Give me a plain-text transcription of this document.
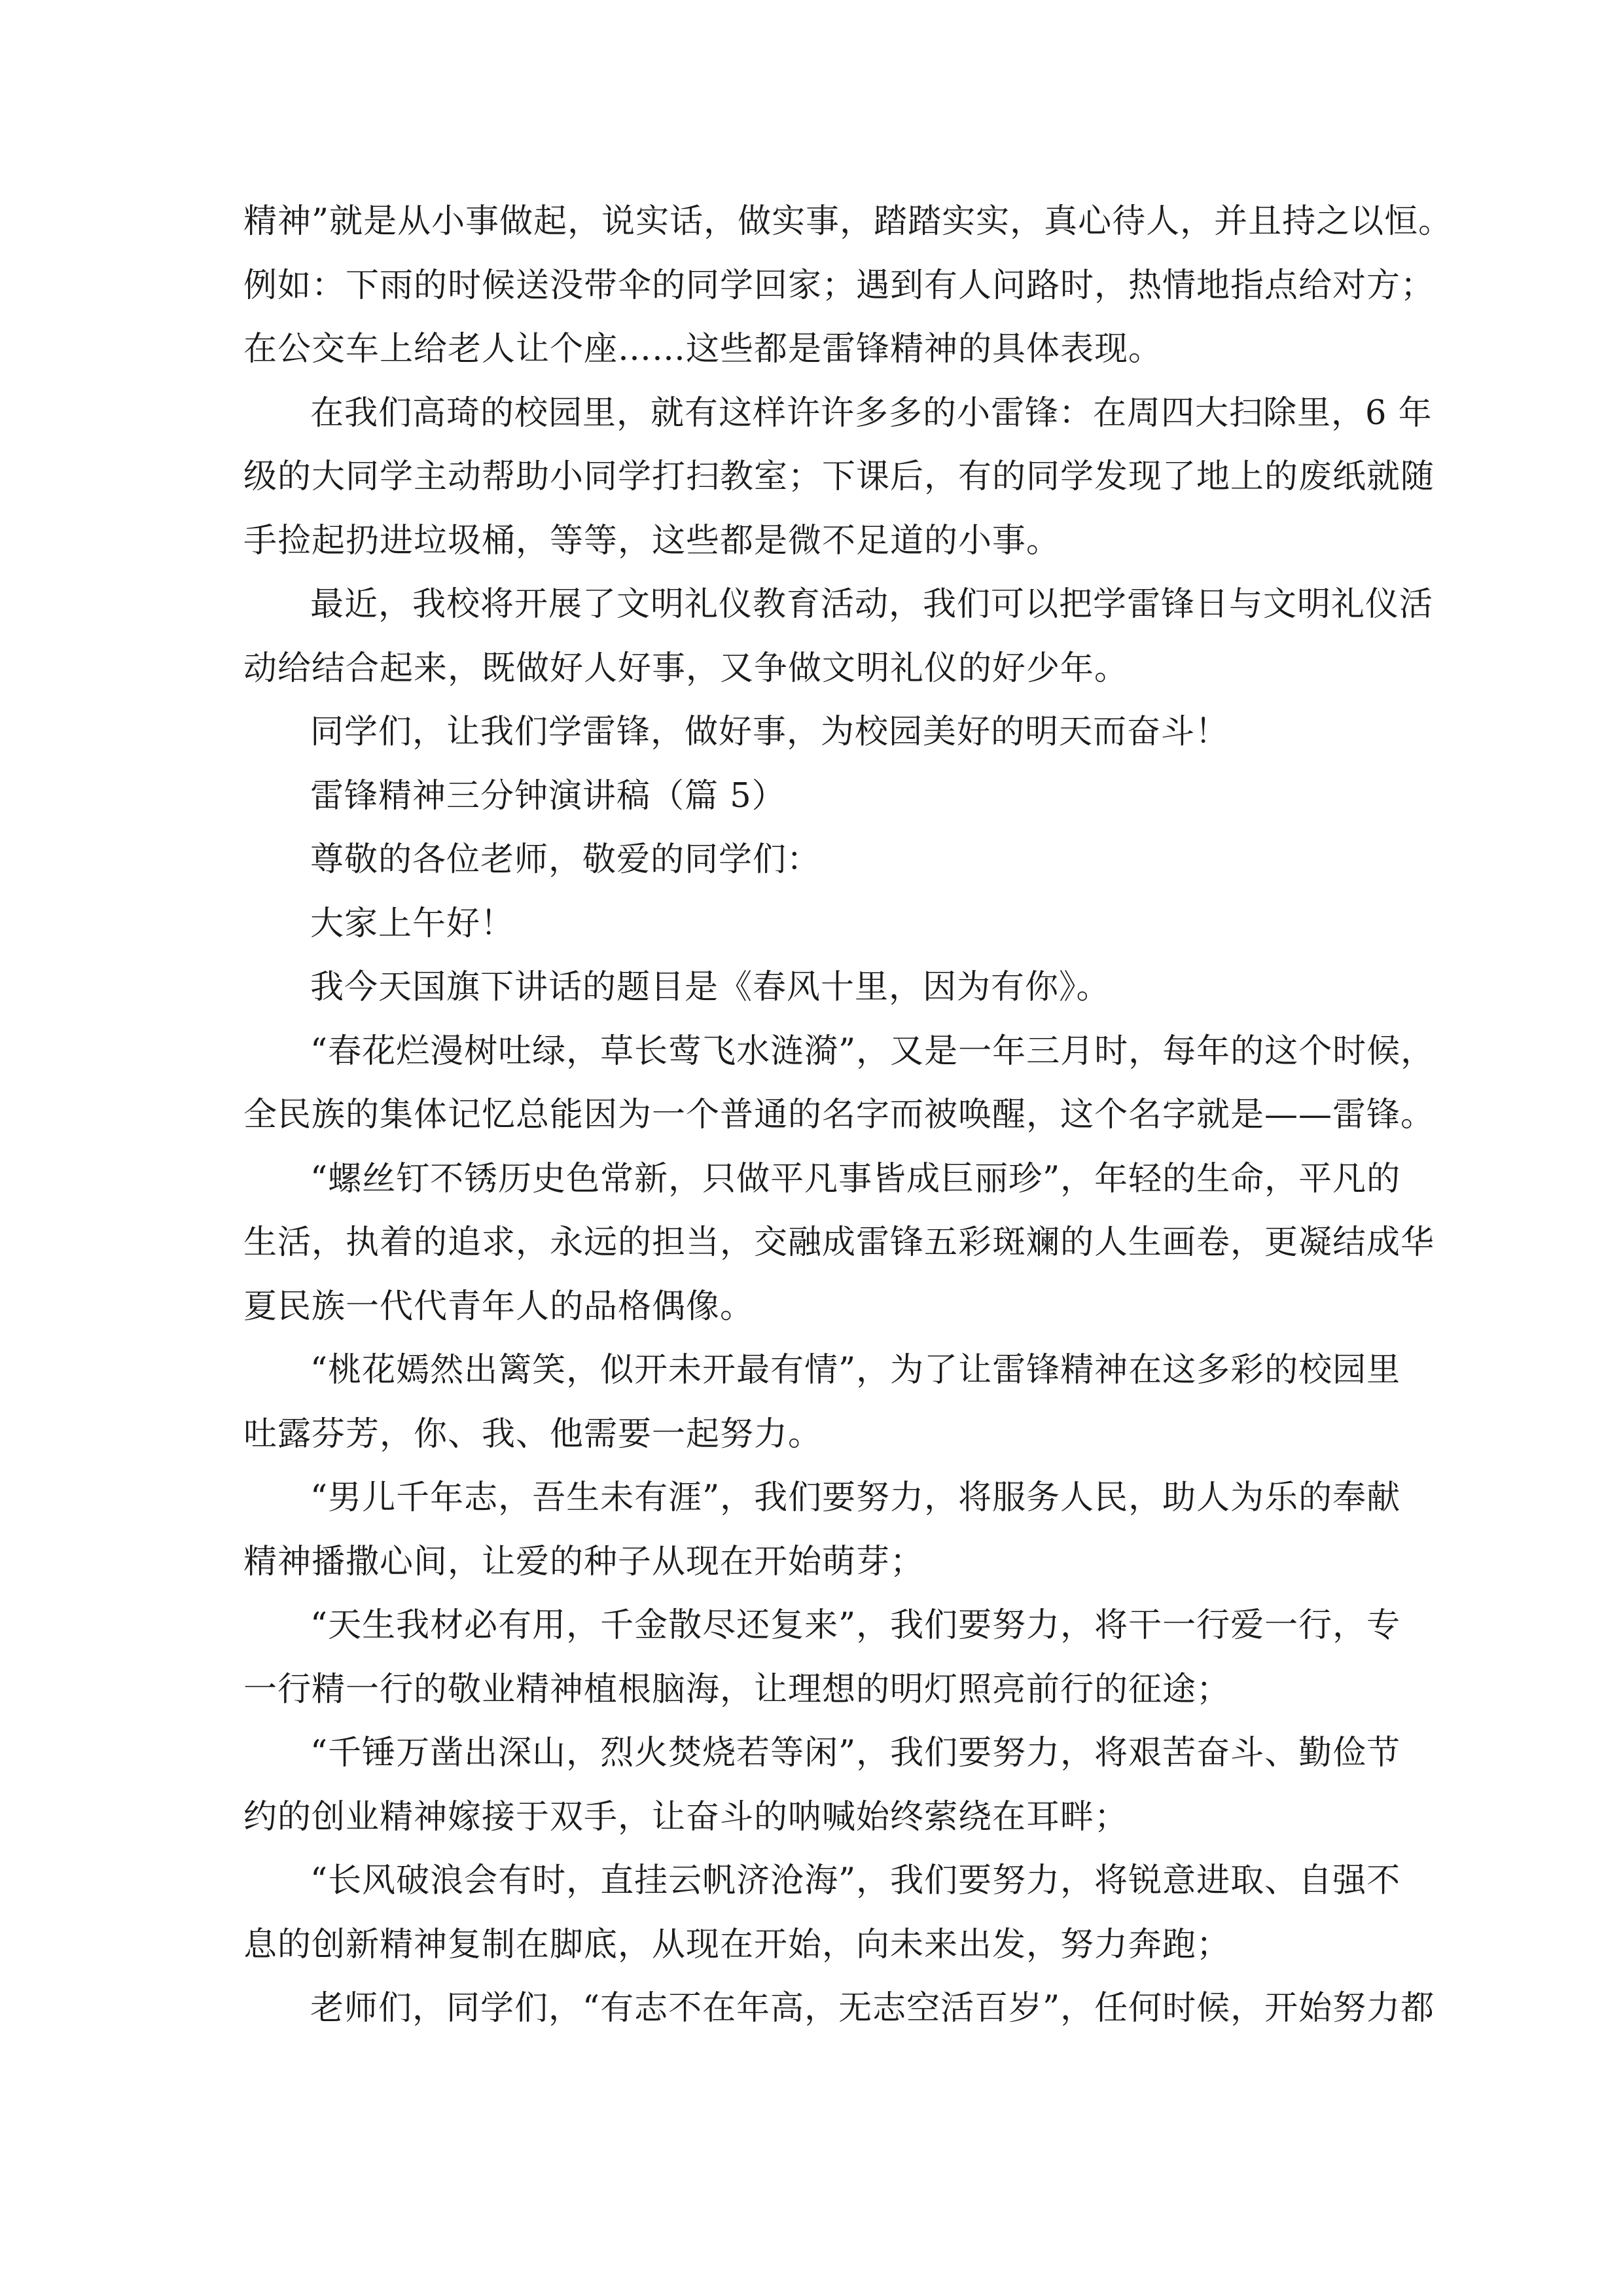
精神”就是从小事做起，说实话，做实事，踏踏实实，真心待人，并且持之以恒。
例如：下雨的时候送没带伞的同学回家；遇到有人问路时，热情地指点给对方；
在公交车上给老人让个座……这些都是雷锋精神的具体表现。
在我们高琦的校园里，就有这样许许多多的小雷锋：在周四大扫除里，6 年
级的大同学主动帮助小同学打扫教室；下课后，有的同学发现了地上的废纸就随
手捡起扔进垃圾桶，等等，这些都是微不足道的小事。
最近，我校将开展了文明礼仪教育活动，我们可以把学雷锋日与文明礼仪活
动给结合起来，既做好人好事，又争做文明礼仪的好少年。
同学们，让我们学雷锋，做好事，为校园美好的明天而奋斗！
雷锋精神三分钟演讲稿（篇 5）
尊敬的各位老师，敬爱的同学们：
大家上午好！
我今天国旗下讲话的题目是《春风十里，因为有你》。
“春花烂漫树吐绿，草长莺飞水涟漪”，又是一年三月时，每年的这个时候，
全民族的集体记忆总能因为一个普通的名字而被唤醒，这个名字就是——雷锋。
“螺丝钉不锈历史色常新，只做平凡事皆成巨丽珍”，年轻的生命，平凡的
生活，执着的追求，永远的担当，交融成雷锋五彩斑斓的人生画卷，更凝结成华
夏民族一代代青年人的品格偶像。
“桃花嫣然出篱笑，似开未开最有情”，为了让雷锋精神在这多彩的校园里
吐露芬芳，你、我、他需要一起努力。
“男儿千年志，吾生未有涯”，我们要努力，将服务人民，助人为乐的奉献
精神播撒心间，让爱的种子从现在开始萌芽；
“天生我材必有用，千金散尽还复来”，我们要努力，将干一行爱一行，专
一行精一行的敬业精神植根脑海，让理想的明灯照亮前行的征途；
“千锤万凿出深山，烈火焚烧若等闲”，我们要努力，将艰苦奋斗、勤俭节
约的创业精神嫁接于双手，让奋斗的呐喊始终萦绕在耳畔；
“长风破浪会有时，直挂云帆济沧海”，我们要努力，将锐意进取、自强不
息的创新精神复制在脚底，从现在开始，向未来出发，努力奔跑；
老师们，同学们，“有志不在年高，无志空活百岁”，任何时候，开始努力都
